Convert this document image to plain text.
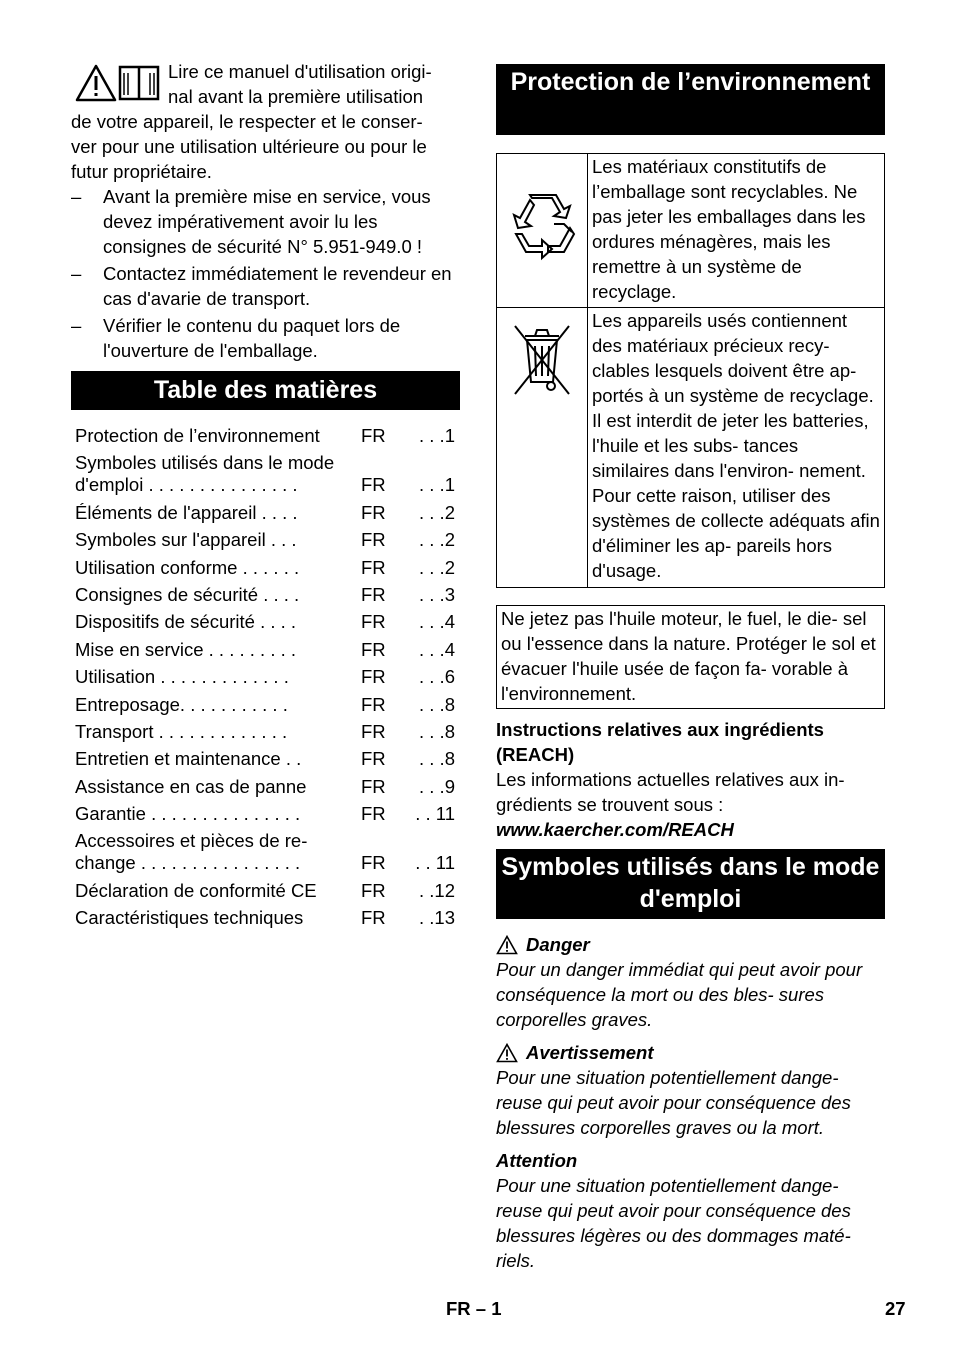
Lire ce manuel d'utilisation origi-

nal avant la première utilisation

de votre appareil, le respecter et le conser-

ver pour une utilisation ultérieure ou pour le

futur propriétaire.

– Avant la première mise en service, vous devez impérativement avoir lu les consignes de sécurité N° 5.951-949.0 !
– Contactez immédiatement le revendeur en cas d'avarie de transport.
– Vérifier le contenu du paquet lors de l'ouverture de l'emballage.
Table des matières
Protection de l’environnement	FR	. . .1
Symboles utilisés dans le mode d'emploi . . . . . . . . . . . . . . .	FR	. . .1
Éléments de l'appareil . . . .	FR	. . .2
Symboles sur l'appareil . . .	FR	. . .2
Utilisation conforme . . . . . .	FR	. . .2
Consignes de sécurité . . . .	FR	. . .3
Dispositifs de sécurité . . . .	FR	. . .4
Mise en service . . . . . . . . .	FR	. . .4
Utilisation . . . . . . . . . . . . .	FR	. . .6
Entreposage. . . . . . . . . . .	FR	. . .8
Transport . . . . . . . . . . . . .	FR	. . .8
Entretien et maintenance . .	FR	. . .8
Assistance en cas de panne	FR	. . .9
Garantie . . . . . . . . . . . . . . .	FR	. . 11
Accessoires et pièces de re- change . . . . . . . . . . . . . . . .	FR	. . 11
Déclaration de conformité CE	FR	. .12
Caractéristiques techniques	FR	. .13
Protection de l’environnement
	Les matériaux constitutifs de l’emballage sont recyclables. Ne pas jeter les emballages dans les ordures ménagères, mais les remettre à un système de recyclage.
	Les appareils usés contiennent des matériaux précieux recy- clables lesquels doivent être ap- portés à un système de recyclage. Il est interdit de jeter les batteries, l'huile et les subs- tances similaires dans l'environ- nement. Pour cette raison, utiliser des systèmes de collecte adéquats afin d'éliminer les ap- pareils hors d'usage.
Ne jetez pas l'huile moteur, le fuel, le die- sel ou l'essence dans la nature. Protéger le sol et évacuer l'huile usée de façon fa- vorable à l'environnement.

Instructions relatives aux ingrédients (REACH)

Les informations actuelles relatives aux in- grédients se trouvent sous :

www.kaercher.com/REACH

Symboles utilisés dans le mode d'emploi
Danger

Pour un danger immédiat qui peut avoir pour conséquence la mort ou des bles- sures corporelles graves.

Avertissement

Pour une situation potentiellement dange- reuse qui peut avoir pour conséquence des blessures corporelles graves ou la mort.

Attention

Pour une situation potentiellement dange- reuse qui peut avoir pour conséquence des blessures légères ou des dommages maté- riels.

FR – 1	27
